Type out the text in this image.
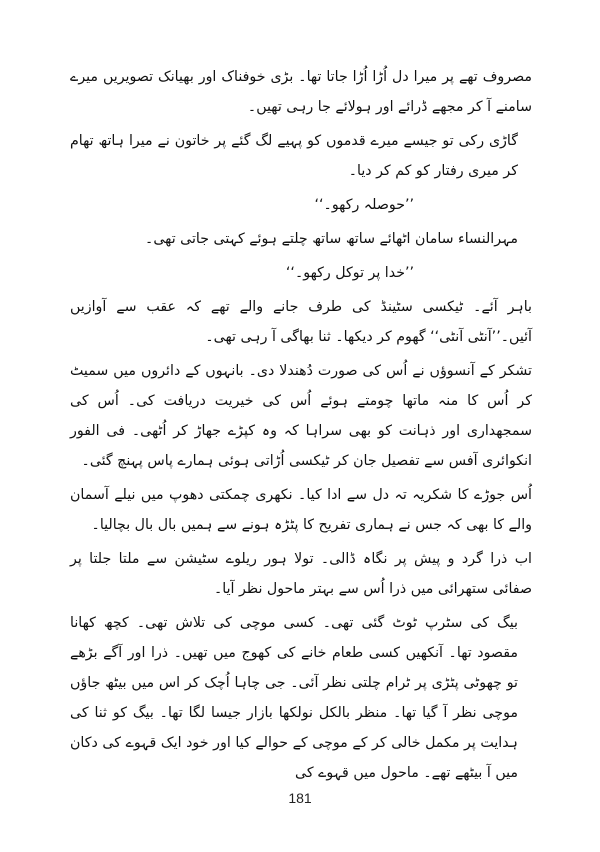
مصروف تھے پر میرا دل اُڑا اُڑا جاتا تھا۔ بڑی خوفناک اور بھیانک تصویریں میرے سامنے آ کر مجھے ڈرائے اور ہولائے جا رہی تھیں۔

گاڑی رکی تو جیسے میرے قدموں کو پہیے لگ گئے پر خاتون نے میرا ہاتھ تھام کر میری رفتار کو کم کر دیا۔

’’حوصلہ رکھو۔‘‘

مہرالنساء سامان اٹھائے ساتھ ساتھ چلتے ہوئے کہتی جاتی تھی۔

’’خدا پر توکل رکھو۔‘‘

باہر آئے۔ ٹیکسی سٹینڈ کی طرف جانے والے تھے کہ عقب سے آوازیں آئیں۔’’آنٹی آنٹی‘‘ گھوم کر دیکھا۔ ثنا بھاگی آ رہی تھی۔

تشکر کے آنسوؤں نے اُس کی صورت دُھندلا دی۔ بانہوں کے دائروں میں سمیٹ کر اُس کا منہ ماتھا چومتے ہوئے اُس کی خیریت دریافت کی۔ اُس کی سمجھداری اور ذہانت کو بھی سراہا کہ وہ کپڑے جھاڑ کر اُٹھی۔ فی الفور انکوائری آفس سے تفصیل جان کر ٹیکسی اُڑاتی ہوئی ہمارے پاس پہنچ گئی۔

اُس جوڑے کا شکریہ تہ دل سے ادا کیا۔ نکھری چمکتی دھوپ میں نیلے آسمان والے کا بھی کہ جس نے ہماری تفریح کا پٹڑہ ہونے سے ہمیں بال بال بچالیا۔

اب ذرا گرد و پیش پر نگاہ ڈالی۔ تولا ہور ریلوے سٹیشن سے ملتا جلتا پر صفائی ستھرائی میں ذرا اُس سے بہتر ماحول نظر آیا۔

بیگ کی سٹرپ ٹوٹ گئی تھی۔ کسی موچی کی تلاش تھی۔ کچھ کھانا مقصود تھا۔ آنکھیں کسی طعام خانے کی کھوج میں تھیں۔ ذرا اور آگے بڑھے تو چھوٹی پٹڑی پر ٹرام چلتی نظر آئی۔ جی چاہا اُچک کر اس میں بیٹھ جاؤں موچی نظر آ گیا تھا۔ منظر بالکل نولکھا بازار جیسا لگا تھا۔ بیگ کو ثنا کی ہدایت پر مکمل خالی کر کے موچی کے حوالے کیا اور خود ایک قہوے کی دکان میں آ بیٹھے تھے۔ ماحول میں قہوے کی

181
